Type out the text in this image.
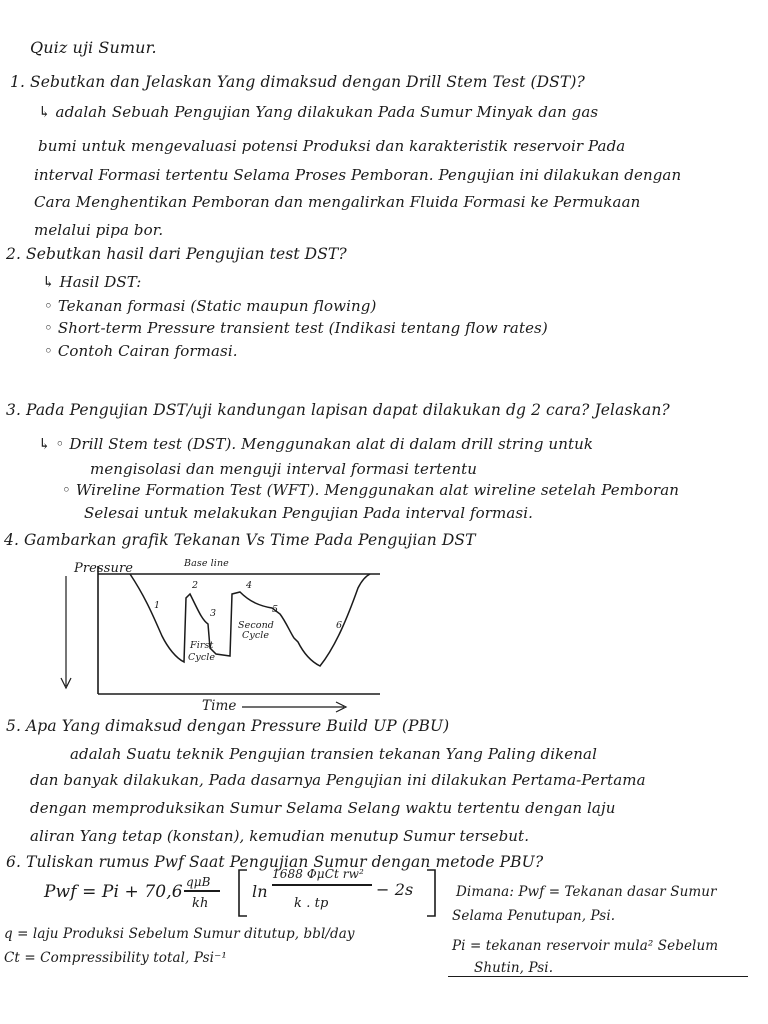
Quiz uji Sumur.
1. Sebutkan dan Jelaskan Yang dimaksud dengan Drill Stem Test (DST)?
↳ adalah Sebuah Pengujian Yang dilakukan Pada Sumur Minyak dan gas
bumi untuk mengevaluasi potensi Produksi dan karakteristik reservoir Pada
interval Formasi tertentu Selama Proses Pemboran. Pengujian ini dilakukan dengan
Cara Menghentikan Pemboran dan mengalirkan Fluida Formasi ke Permukaan
melalui pipa bor.
2. Sebutkan hasil dari Pengujian test DST?
↳ Hasil DST:
◦ Tekanan formasi (Static maupun flowing)
◦ Short-term Pressure transient test (Indikasi tentang flow rates)
◦ Contoh Cairan formasi.
3. Pada Pengujian DST/uji kandungan lapisan dapat dilakukan dg 2 cara? Jelaskan?
↳ ◦ Drill Stem test (DST). Menggunakan alat di dalam drill string untuk
mengisolasi dan menguji interval formasi tertentu
◦ Wireline Formation Test (WFT). Menggunakan alat wireline setelah Pemboran
Selesai untuk melakukan Pengujian Pada interval formasi.
4. Gambarkan grafik Tekanan Vs Time Pada Pengujian DST
Pressure	Base line
First
Cycle
Second
Cycle
1
2
3
4
5
6
Time
5. Apa Yang dimaksud dengan Pressure Build UP (PBU)
adalah Suatu teknik Pengujian transien tekanan Yang Paling dikenal
dan banyak dilakukan, Pada dasarnya Pengujian ini dilakukan Pertama-Pertama
dengan memproduksikan Sumur Selama Selang waktu tertentu dengan laju
aliran Yang tetap (konstan), kemudian menutup Sumur tersebut.
6. Tuliskan rumus Pwf Saat Pengujian Sumur dengan metode PBU?
Pwf = Pi + 70,6 qμB
kh
ln
1688 ΦμCt rw²
k . tp
− 2s	Dimana: Pwf = Tekanan dasar Sumur
Selama Penutupan, Psi.
Pi = tekanan reservoir mula² Sebelum
Shutin, Psi.
q = laju Produksi Sebelum Sumur ditutup, bbl/day
Ct = Compressibility total, Psi⁻¹
